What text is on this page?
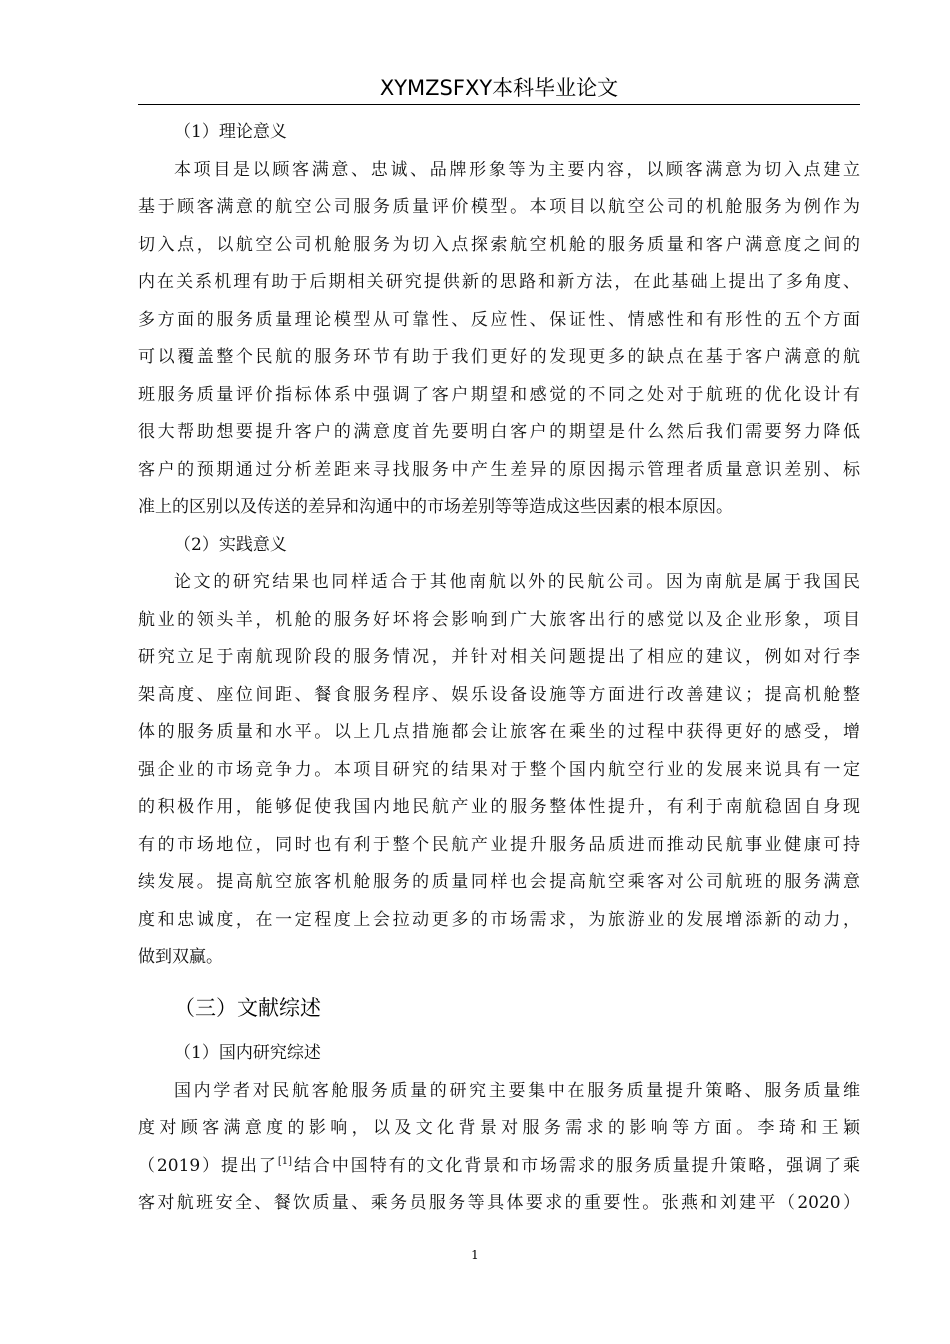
XYMZSFXY本科毕业论文
（1）理论意义
本项目是以顾客满意、忠诚、品牌形象等为主要内容，以顾客满意为切入点建立
基于顾客满意的航空公司服务质量评价模型。本项目以航空公司的机舱服务为例作为
切入点，以航空公司机舱服务为切入点探索航空机舱的服务质量和客户满意度之间的
内在关系机理有助于后期相关研究提供新的思路和新方法，在此基础上提出了多角度、
多方面的服务质量理论模型从可靠性、反应性、保证性、情感性和有形性的五个方面
可以覆盖整个民航的服务环节有助于我们更好的发现更多的缺点在基于客户满意的航
班服务质量评价指标体系中强调了客户期望和感觉的不同之处对于航班的优化设计有
很大帮助想要提升客户的满意度首先要明白客户的期望是什么然后我们需要努力降低
客户的预期通过分析差距来寻找服务中产生差异的原因揭示管理者质量意识差别、标
准上的区别以及传送的差异和沟通中的市场差别等等造成这些因素的根本原因。
（2）实践意义
论文的研究结果也同样适合于其他南航以外的民航公司。因为南航是属于我国民
航业的领头羊，机舱的服务好坏将会影响到广大旅客出行的感觉以及企业形象，项目
研究立足于南航现阶段的服务情况，并针对相关问题提出了相应的建议，例如对行李
架高度、座位间距、餐食服务程序、娱乐设备设施等方面进行改善建议；提高机舱整
体的服务质量和水平。以上几点措施都会让旅客在乘坐的过程中获得更好的感受，增
强企业的市场竞争力。本项目研究的结果对于整个国内航空行业的发展来说具有一定
的积极作用，能够促使我国内地民航产业的服务整体性提升，有利于南航稳固自身现
有的市场地位，同时也有利于整个民航产业提升服务品质进而推动民航事业健康可持
续发展。提高航空旅客机舱服务的质量同样也会提高航空乘客对公司航班的服务满意
度和忠诚度，在一定程度上会拉动更多的市场需求，为旅游业的发展增添新的动力，
做到双赢。
（三）文献综述
（1）国内研究综述
国内学者对民航客舱服务质量的研究主要集中在服务质量提升策略、服务质量维
度对顾客满意度的影响，以及文化背景对服务需求的影响等方面。李琦和王颖
（2019）提出了[1]结合中国特有的文化背景和市场需求的服务质量提升策略，强调了乘
客对航班安全、餐饮质量、乘务员服务等具体要求的重要性。张燕和刘建平（2020）
1
